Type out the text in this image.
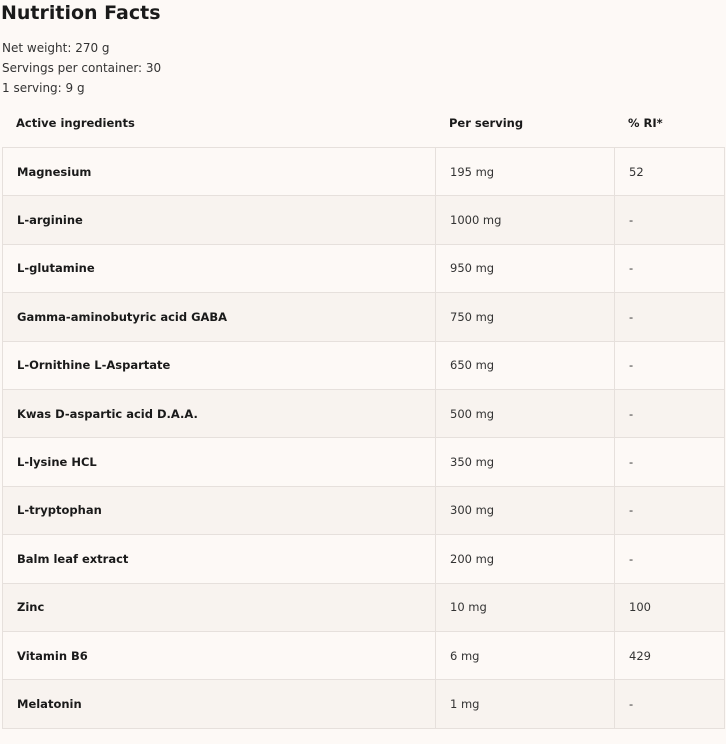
Nutrition Facts
Net weight: 270 g
Servings per container: 30
1 serving: 9 g
Active ingredients	Per serving	% RI*
Magnesium	195 mg	52
L-arginine	1000 mg	-
L-glutamine	950 mg	-
Gamma-aminobutyric acid GABA	750 mg	-
L-Ornithine L-Aspartate	650 mg	-
Kwas D-aspartic acid D.A.A.	500 mg	-
L-lysine HCL	350 mg	-
L-tryptophan	300 mg	-
Balm leaf extract	200 mg	-
Zinc	10 mg	100
Vitamin B6	6 mg	429
Melatonin	1 mg	-
